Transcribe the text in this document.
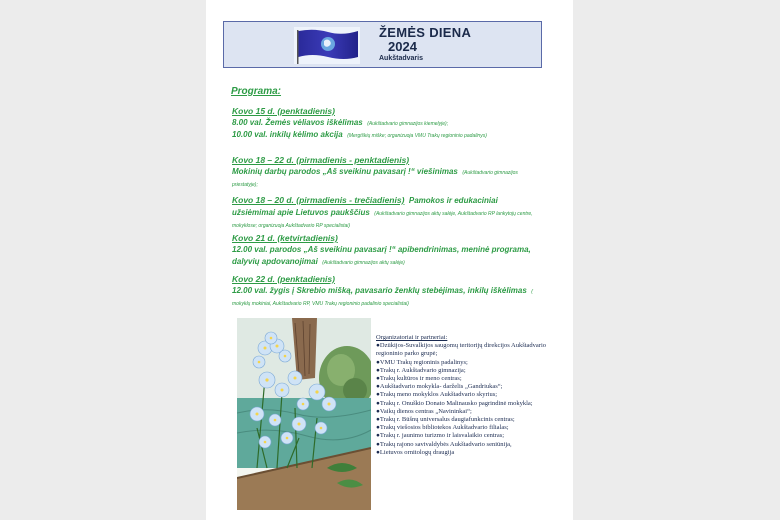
ŽEMĖS DIENA
2024
Aukštadvaris
Programa:
Kovo 15 d. (penktadienis)
8.00 val. Žemės vėliavos iškėlimas (Aukštadvario gimnazijos kiemelyje);
10.00 val. inkilų kėlimo akcija (Mergiškių miške; organizuoja VMU Trakų regioninio padalinys)
Kovo 18 – 22 d. (pirmadienis - penktadienis)
Mokinių darbų parodos „Aš sveikinu pavasarį !“ viešinimas (Aukštadvario gimnazijos priestatyje);
Kovo 18 – 20 d. (pirmadienis - trečiadienis) Pamokos ir edukaciniai užsiėmimai apie Lietuvos paukščius (Aukštadvario gimnazijos aktų salėje, Aukštadvario RP lankytojų centre, mokyklose; organizuoja Aukštadvario RP specialistai)
Kovo 21 d. (ketvirtadienis)
12.00 val. parodos „Aš sveikinu pavasarį !“ apibendrinimas, meninė programa, dalyvių apdovanojimai (Aukštadvario gimnazijos aktų salėje)
Kovo 22 d. (penktadienis)
12.00 val. žygis į Skrebio mišką, pavasario ženklų stebėjimas, inkilų iškėlimas ( mokyklų mokiniai, Aukštadvario RP, VMU Trakų regioninio padalinio specialistai)
Organizatoriai ir partneriai:
●Dzūkijos-Suvalkijos saugomų teritorijų direkcijos Aukštadvario regioninio parko grupė;
●VMU Trakų regioninis padalinys;
●Trakų r. Aukštadvario gimnazija;
●Trakų kultūros ir meno centras;
●Aukštadvario mokykla- darželis „Gandriukas“;
●Trakų meno mokyklos Aukštadvario skyrius;
●Trakų r. Onuškio Donato Malinausko pagrindinė mokykla;
●Vaikų dienos centras „Navininkai“;
●Trakų r. Būšnų universalus daugiafunkcinis centras;
●Trakų viešosios bibliotekos Aukštadvario filialas;
●Trakų r. jaunimo turizmo ir laisvalaikio centras;
●Trakų rajono savivaldybės Aukštadvario seniūnija,
●Lietuvos ornitologų draugija
